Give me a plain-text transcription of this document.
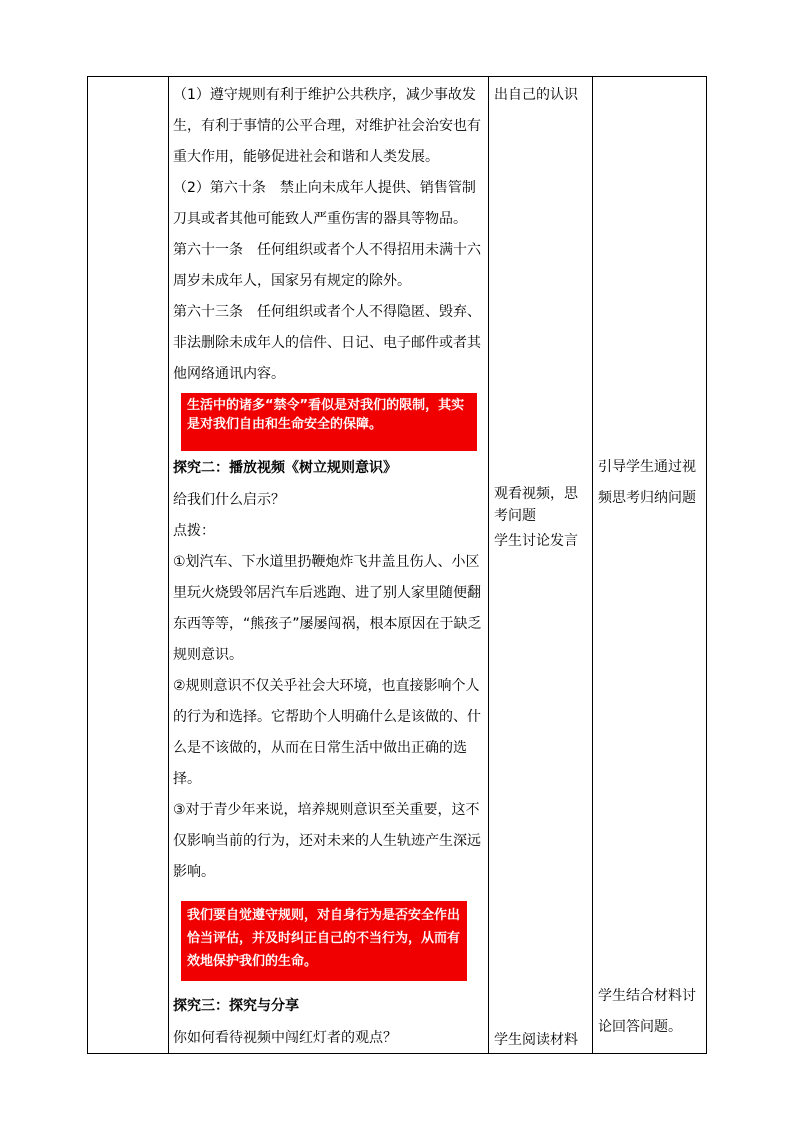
（1）遵守规则有利于维护公共秩序，减少事故发生，有利于事情的公平合理，对维护社会治安也有重大作用，能够促进社会和谐和人类发展。

（2）第六十条　禁止向未成年人提供、销售管制刀具或者其他可能致人严重伤害的器具等物品。

第六十一条　任何组织或者个人不得招用未满十六周岁未成年人，国家另有规定的除外。

第六十三条　任何组织或者个人不得隐匿、毁弃、非法删除未成年人的信件、日记、电子邮件或者其他网络通讯内容。

生活中的诸多“禁令”看似是对我们的限制，其实是对我们自由和生命安全的保障。

探究二：播放视频《树立规则意识》

给我们什么启示？

点拨：

①划汽车、下水道里扔鞭炮炸飞井盖且伤人、小区里玩火烧毁邻居汽车后逃跑、进了别人家里随便翻东西等等，“熊孩子”屡屡闯祸，根本原因在于缺乏规则意识。

②规则意识不仅关乎社会大环境，也直接影响个人的行为和选择。它帮助个人明确什么是该做的、什么是不该做的，从而在日常生活中做出正确的选择。

③对于青少年来说，培养规则意识至关重要，这不仅影响当前的行为，还对未来的人生轨迹产生深远影响。

我们要自觉遵守规则，对自身行为是否安全作出恰当评估，并及时纠正自己的不当行为，从而有效地保护我们的生命。

探究三：探究与分享

你如何看待视频中闯红灯者的观点？

出自己的认识

观看视频，思考问题

学生讨论发言

学生阅读材料

引导学生通过视频思考归纳问题

学生结合材料讨论回答问题。
